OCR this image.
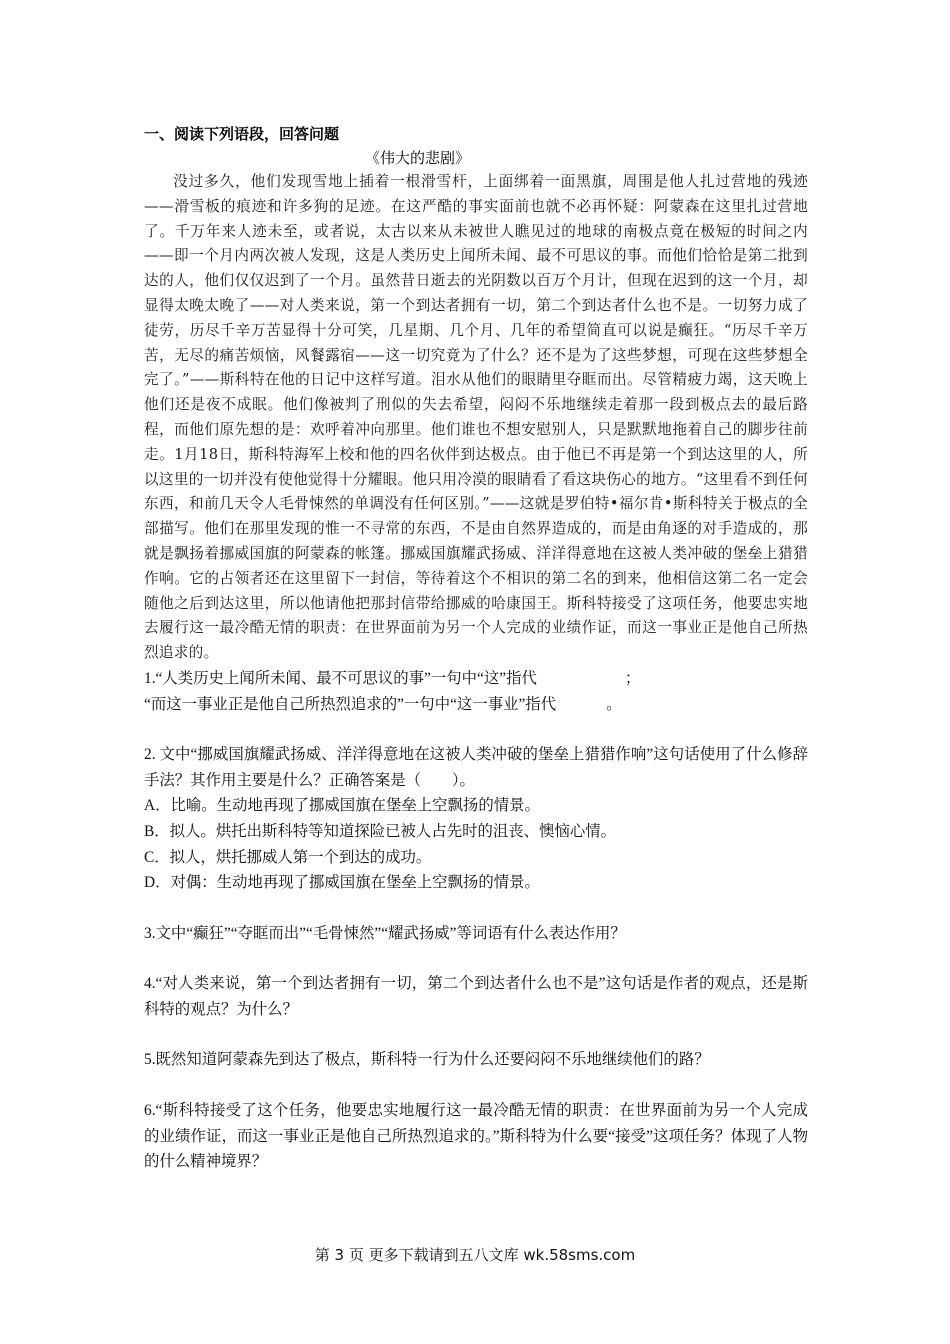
一、阅读下列语段，回答问题

《伟大的悲剧》

没过多久，他们发现雪地上插着一根滑雪杆，上面绑着一面黑旗，周围是他人扎过营地的残迹——滑雪板的痕迹和许多狗的足迹。在这严酷的事实面前也就不必再怀疑：阿蒙森在这里扎过营地了。千万年来人迹未至，或者说，太古以来从未被世人瞧见过的地球的南极点竟在极短的时间之内——即一个月内两次被人发现，这是人类历史上闻所未闻、最不可思议的事。而他们恰恰是第二批到达的人，他们仅仅迟到了一个月。虽然昔日逝去的光阴数以百万个月计，但现在迟到的这一个月，却显得太晚太晚了——对人类来说，第一个到达者拥有一切，第二个到达者什么也不是。一切努力成了徒劳，历尽千辛万苦显得十分可笑，几星期、几个月、几年的希望简直可以说是癫狂。“历尽千辛万苦，无尽的痛苦烦恼，风餐露宿——这一切究竟为了什么？还不是为了这些梦想，可现在这些梦想全完了。”——斯科特在他的日记中这样写道。泪水从他们的眼睛里夺眶而出。尽管精疲力竭，这天晚上他们还是夜不成眠。他们像被判了刑似的失去希望，闷闷不乐地继续走着那一段到极点去的最后路程，而他们原先想的是：欢呼着冲向那里。他们谁也不想安慰别人，只是默默地拖着自己的脚步往前走。1月18日，斯科特海军上校和他的四名伙伴到达极点。由于他已不再是第一个到达这里的人，所以这里的一切并没有使他觉得十分耀眼。他只用冷漠的眼睛看了看这块伤心的地方。“这里看不到任何东西，和前几天令人毛骨悚然的单调没有任何区别。”——这就是罗伯特•福尔肯•斯科特关于极点的全部描写。他们在那里发现的惟一不寻常的东西，不是由自然界造成的，而是由角逐的对手造成的，那就是飘扬着挪威国旗的阿蒙森的帐篷。挪威国旗耀武扬威、洋洋得意地在这被人类冲破的堡垒上猎猎作响。它的占领者还在这里留下一封信，等待着这个不相识的第二名的到来，他相信这第二名一定会随他之后到达这里，所以他请他把那封信带给挪威的哈康国王。斯科特接受了这项任务，他要忠实地去履行这一最冷酷无情的职责：在世界面前为另一个人完成的业绩作证，而这一事业正是他自己所热烈追求的。

1.“人类历史上闻所未闻、最不可思议的事”一句中“这”指代	；

“而这一事业正是他自己所热烈追求的”一句中“这一事业”指代	。

2. 文中“挪威国旗耀武扬威、洋洋得意地在这被人类冲破的堡垒上猎猎作响”这句话使用了什么修辞手法？其作用主要是什么？正确答案是（　　）。

A．比喻。生动地再现了挪威国旗在堡垒上空飘扬的情景。

B．拟人。烘托出斯科特等知道探险已被人占先时的沮丧、懊恼心情。

C．拟人，烘托挪威人第一个到达的成功。

D．对偶：生动地再现了挪威国旗在堡垒上空飘扬的情景。

3.文中“癫狂”“夺眶而出”“毛骨悚然”“耀武扬威”等词语有什么表达作用？

4.“对人类来说，第一个到达者拥有一切，第二个到达者什么也不是”这句话是作者的观点，还是斯科特的观点？为什么？

5.既然知道阿蒙森先到达了极点，斯科特一行为什么还要闷闷不乐地继续他们的路？

6.“斯科特接受了这个任务，他要忠实地履行这一最冷酷无情的职责：在世界面前为另一个人完成的业绩作证，而这一事业正是他自己所热烈追求的。”斯科特为什么要“接受”这项任务？体现了人物的什么精神境界？

第 3 页 更多下载请到五八文库 wk.58sms.com
